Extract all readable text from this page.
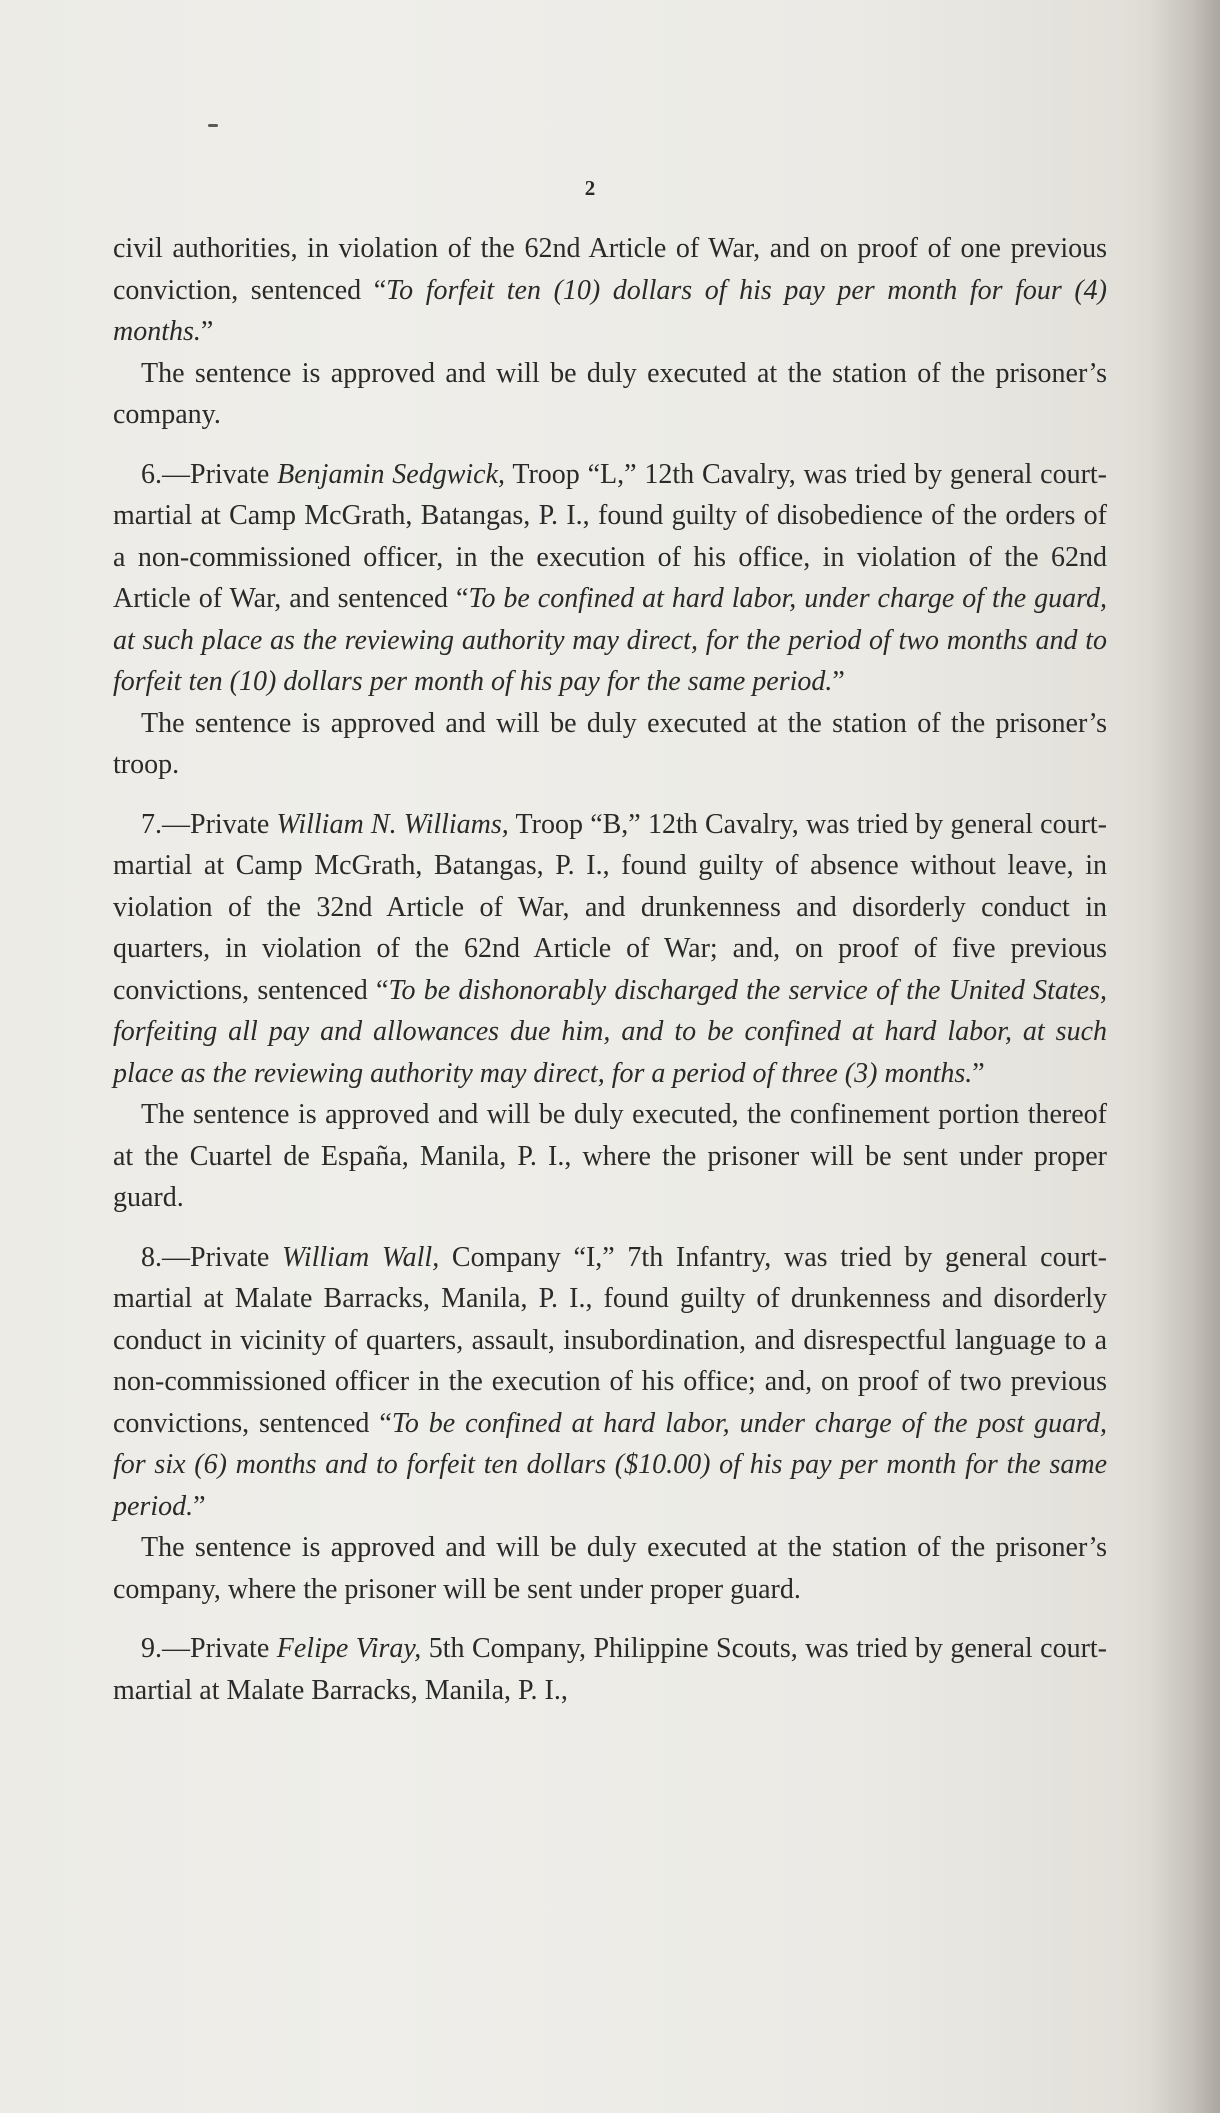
2

civil authorities, in violation of the 62nd Article of War, and on proof of one previous conviction, sentenced “To forfeit ten (10) dollars of his pay per month for four (4) months.”

The sentence is approved and will be duly executed at the station of the prisoner’s company.

6.—Private Benjamin Sedgwick, Troop “L,” 12th Cavalry, was tried by general court-martial at Camp McGrath, Batangas, P. I., found guilty of disobedience of the orders of a non-commissioned officer, in the execution of his office, in violation of the 62nd Article of War, and sentenced “To be confined at hard labor, under charge of the guard, at such place as the reviewing authority may direct, for the period of two months and to forfeit ten (10) dollars per month of his pay for the same period.”

The sentence is approved and will be duly executed at the station of the prisoner’s troop.

7.—Private William N. Williams, Troop “B,” 12th Cavalry, was tried by general court-martial at Camp McGrath, Batangas, P. I., found guilty of absence without leave, in violation of the 32nd Article of War, and drunkenness and disorderly conduct in quarters, in violation of the 62nd Article of War; and, on proof of five previous convictions, sentenced “To be dishonorably discharged the service of the United States, forfeiting all pay and allowances due him, and to be confined at hard labor, at such place as the reviewing authority may direct, for a period of three (3) months.”

The sentence is approved and will be duly executed, the confinement portion thereof at the Cuartel de España, Manila, P. I., where the prisoner will be sent under proper guard.

8.—Private William Wall, Company “I,” 7th Infantry, was tried by general court-martial at Malate Barracks, Manila, P. I., found guilty of drunkenness and disorderly conduct in vicinity of quarters, assault, insubordination, and disrespectful language to a non-commissioned officer in the execution of his office; and, on proof of two previous convictions, sentenced “To be confined at hard labor, under charge of the post guard, for six (6) months and to forfeit ten dollars ($10.00) of his pay per month for the same period.”

The sentence is approved and will be duly executed at the station of the prisoner’s company, where the prisoner will be sent under proper guard.

9.—Private Felipe Viray, 5th Company, Philippine Scouts, was tried by general court-martial at Malate Barracks, Manila, P. I.,
